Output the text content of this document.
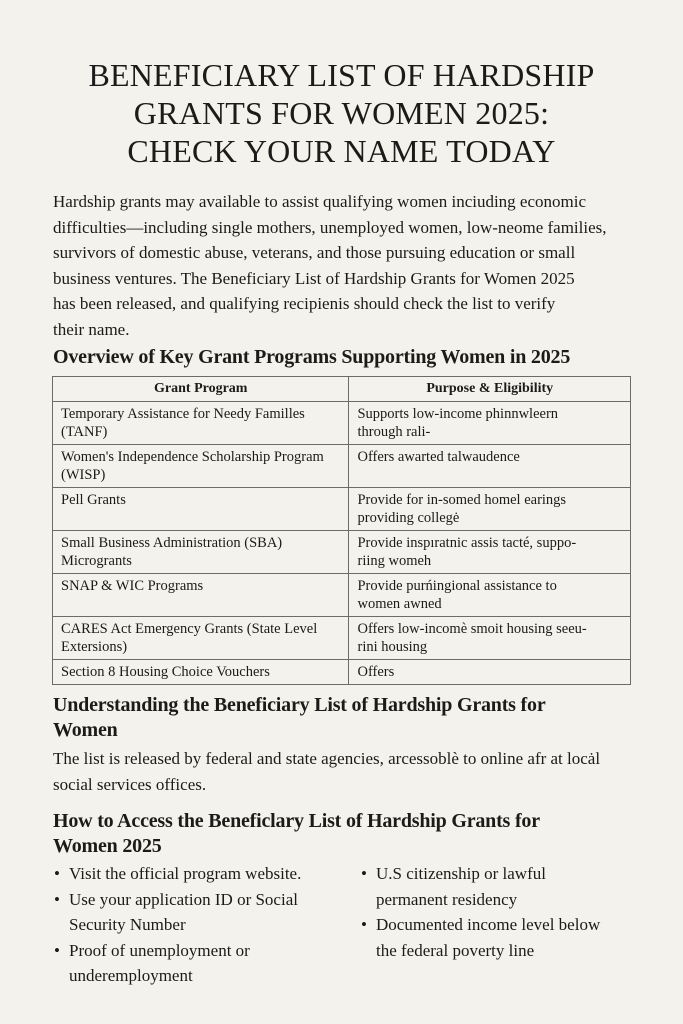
BENEFICIARY LIST OF HARDSHIP
GRANTS FOR WOMEN 2025:
CHECK YOUR NAME TODAY

Hardship grants may available to assist qualifying women inciuding economic
difficulties—including single mothers, unemployed women, low-neome families,
survivors of domestic abuse, veterans, and those pursuing education or small
business ventures. The Beneficiary List of Hardship Grants for Women 2025
has been released, and qualifying recipienis should check the list to verify
their name.

Overview of Key Grant Programs Supporting Women in 2025
Grant Program	Purpose & Eligibility
Temporary Assistance for Needy Familles
(TANF)	Supports low-income phinnwleern
through rali-
Women's Independence Scholarship Program
(WISP)	Offers awarted talwaudence
Pell Grants	Provide for in-somed homel earings
providing collegė
Small Business Administration (SBA)
Microgrants	Provide inspıratnic assis tacté, suppo-
riing womeh
SNAP & WIC Programs	Provide purńingional assistance to
women awned
CARES Act Emergency Grants (State Level
Extersions)	Offers low-incomè smoit housing seeu-
rini housing
Section 8 Housing Choice Vouchers	Offers
Understanding the Beneficiary List of Hardship Grants for
Women

The list is released by federal and state agencies, arcessoblè to online afr at locȧl
social services offices.

How to Access the Beneficlary List of Hardship Grants for
Women 2025
• Visit the official program website.
• Use your application ID or Social
Security Number
• Proof of unemployment or
underemployment
• U.S citizenship or lawful
permanent residency
• Documented income level below
the federal poverty line
